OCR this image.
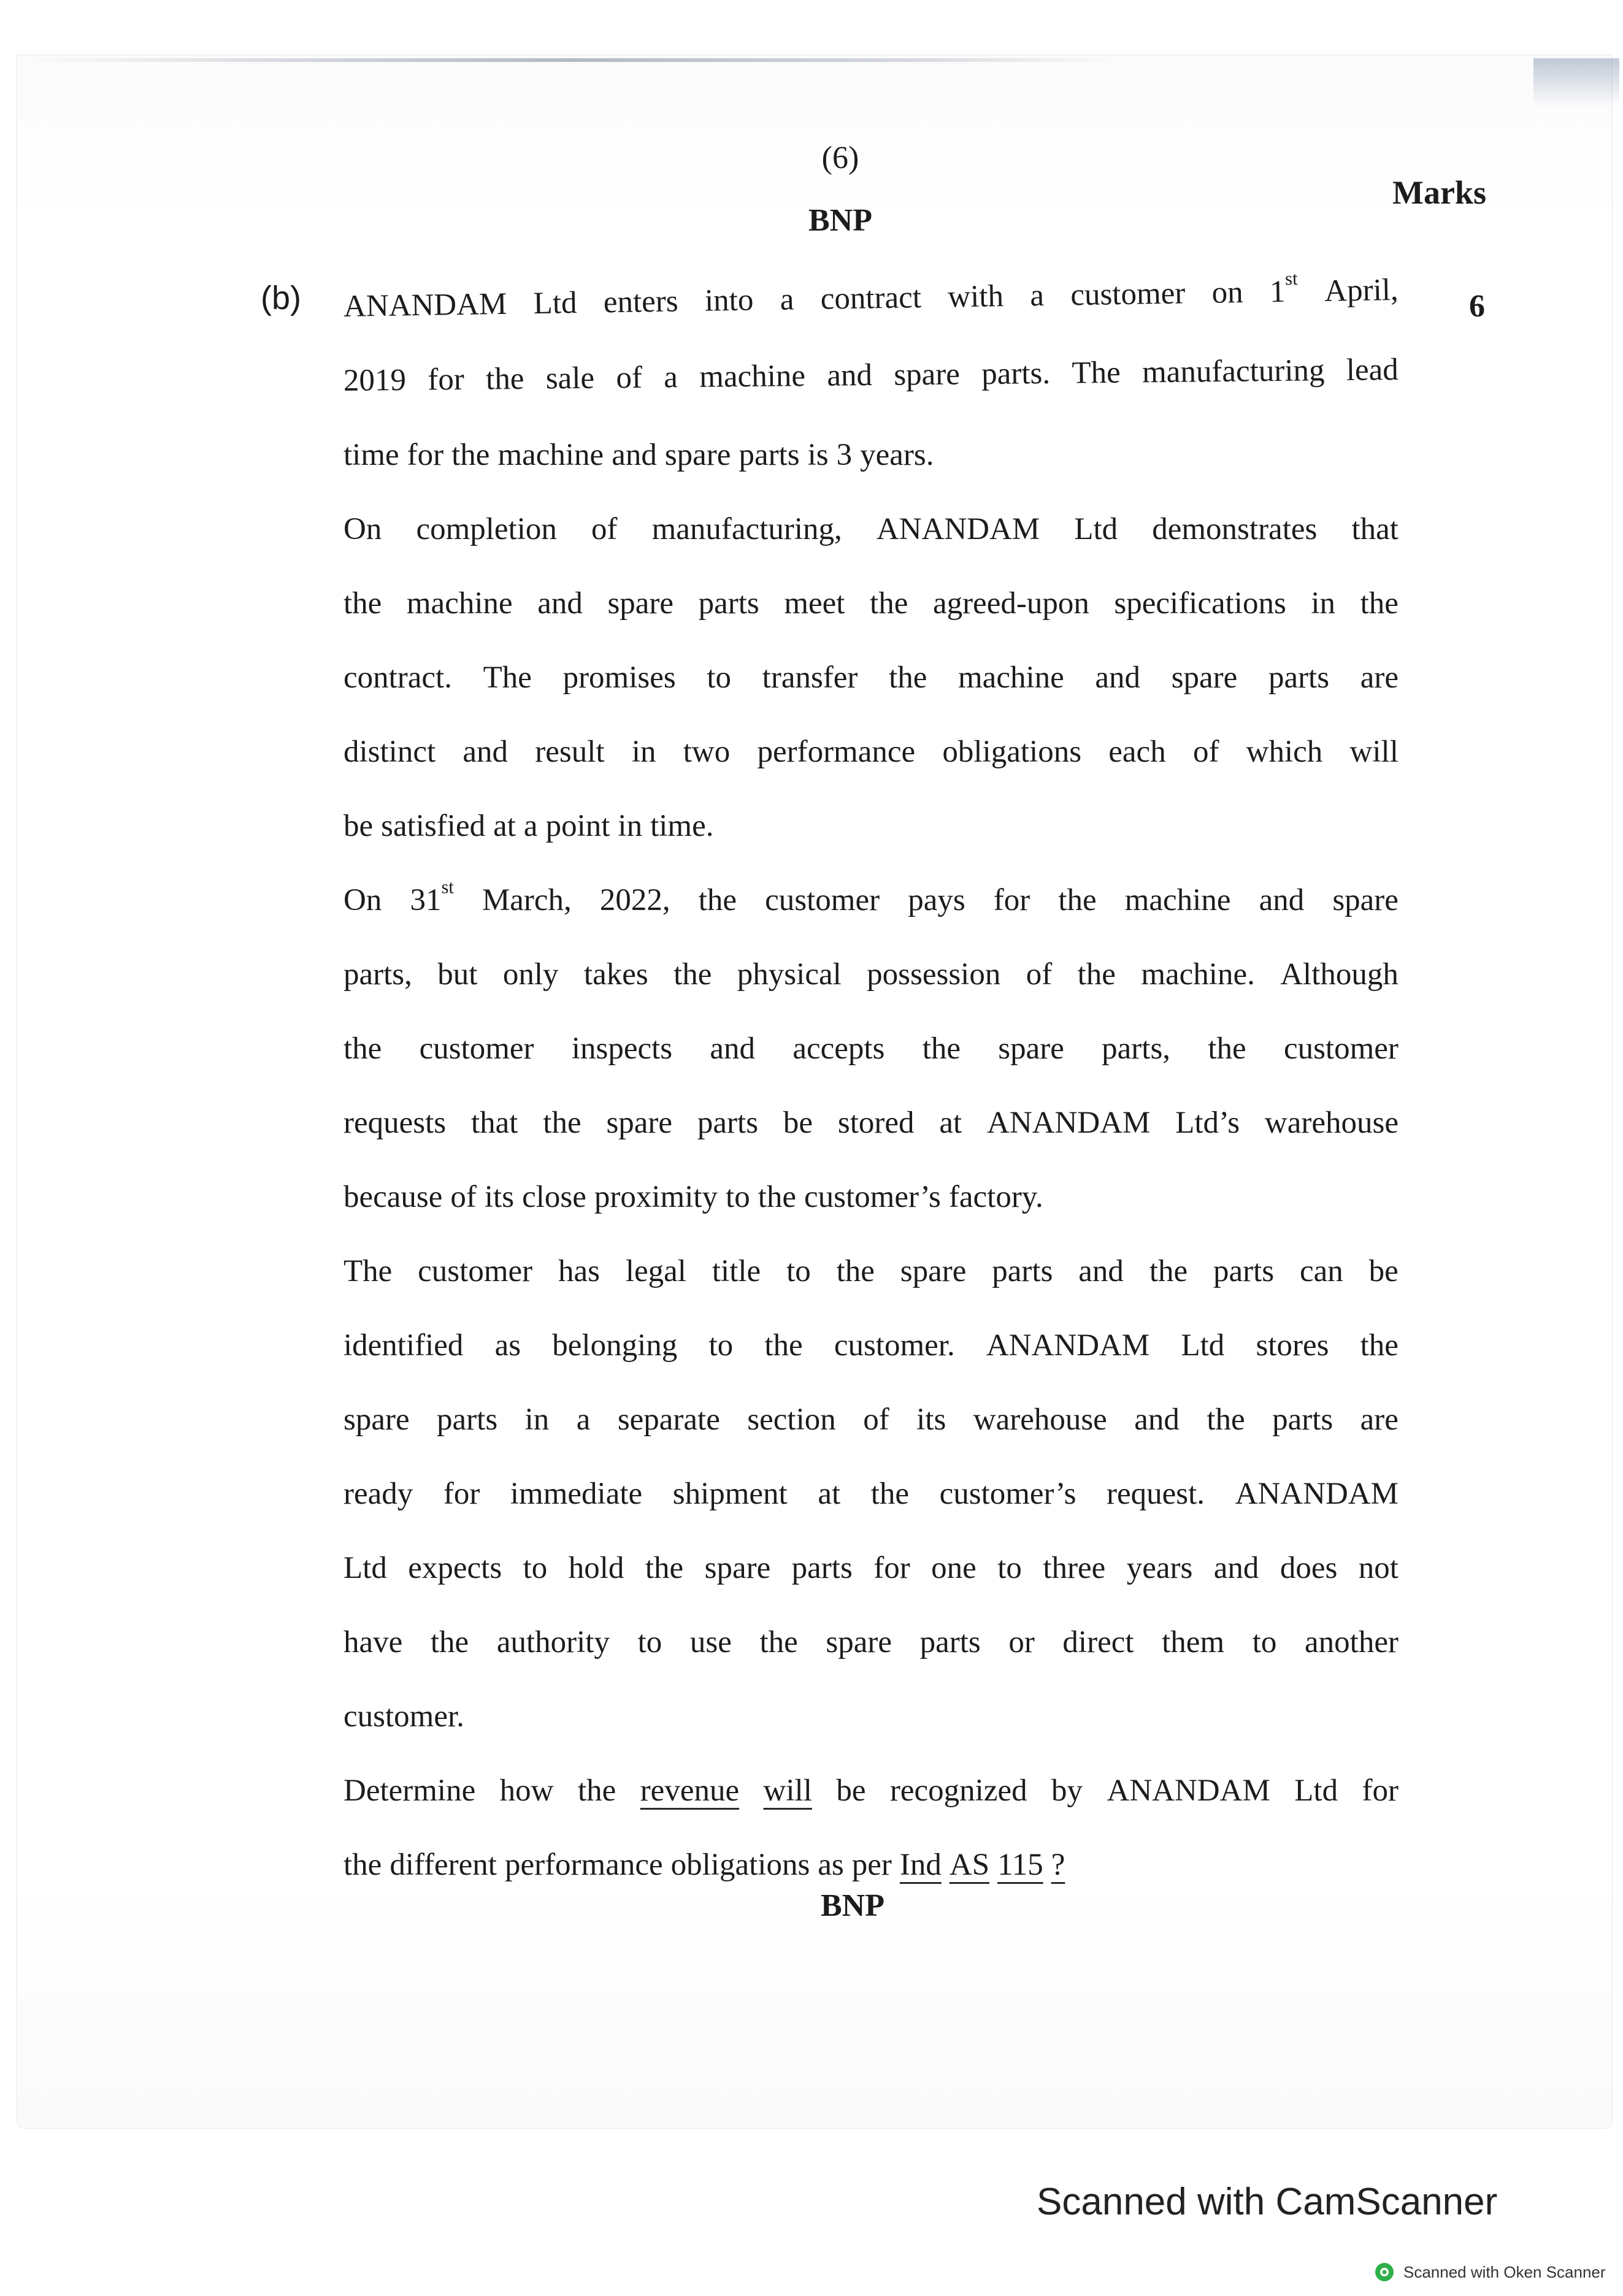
(6)
BNP
Marks
(b)	6
ANANDAM Ltd enters into a contract with a customer on 1st April,
2019 for the sale of a machine and spare parts. The manufacturing lead
time for the machine and spare parts is 3 years.
On completion of manufacturing, ANANDAM Ltd demonstrates that
the machine and spare parts meet the agreed-upon specifications in the
contract. The promises to transfer the machine and spare parts are
distinct and result in two performance obligations each of which will
be satisfied at a point in time.
On 31st March, 2022, the customer pays for the machine and spare
parts, but only takes the physical possession of the machine. Although
the customer inspects and accepts the spare parts, the customer
requests that the spare parts be stored at ANANDAM Ltd’s warehouse
because of its close proximity to the customer’s factory.
The customer has legal title to the spare parts and the parts can be
identified as belonging to the customer. ANANDAM Ltd stores the
spare parts in a separate section of its warehouse and the parts are
ready for immediate shipment at the customer’s request. ANANDAM
Ltd expects to hold the spare parts for one to three years and does not
have the authority to use the spare parts or direct them to another
customer.
Determine how the revenue will be recognized by ANANDAM Ltd for
the different performance obligations as per Ind AS 115 ?
BNP
Scanned with CamScanner
Scanned with Oken Scanner
